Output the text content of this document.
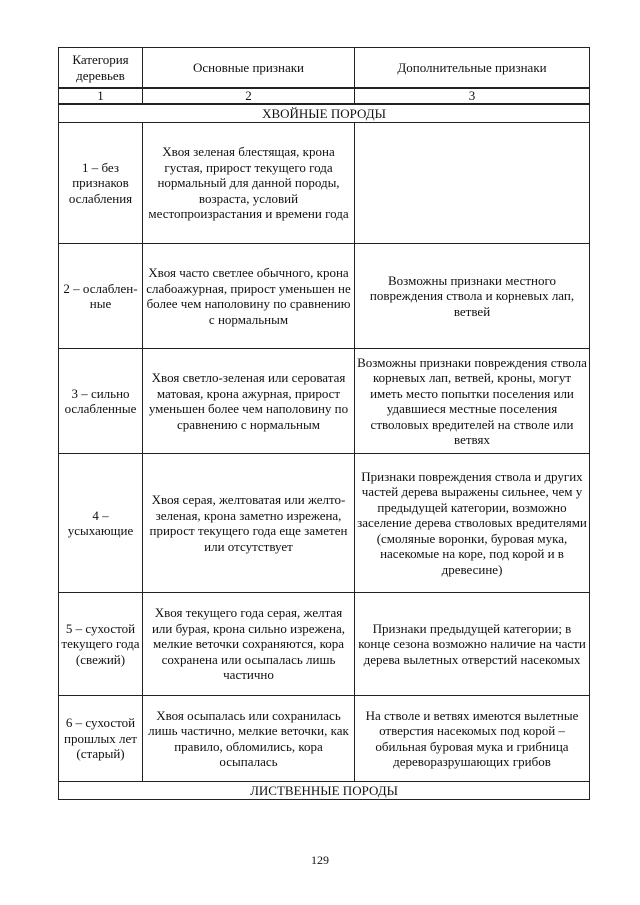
Категория деревьев	Основные признаки	Дополнительные признаки
1	2	3
ХВОЙНЫЕ ПОРОДЫ		
1 – без признаков ослабления	Хвоя зеленая блестящая, крона густая, прирост текущего года нормальный для данной породы, возраста, условий местопроизрастания и времени года	
2 – ослаблен-ные	Хвоя часто светлее обычного, крона слабоажурная, прирост уменьшен не более чем наполовину по сравнению с нормальным	Возможны признаки местного повреждения ствола и корневых лап, ветвей
3 – сильно ослабленные	Хвоя светло-зеленая или сероватая матовая, крона ажурная, прирост уменьшен более чем наполовину по сравнению с нормальным	Возможны признаки повреждения ствола корневых лап, ветвей, кроны, могут иметь место попытки поселения или удавшиеся местные поселения стволовых вредителей на стволе или ветвях
4 – усыхающие	Хвоя серая, желтоватая или желто-зеленая, крона заметно изрежена, прирост текущего года еще заметен или отсутствует	Признаки повреждения ствола и других частей дерева выражены сильнее, чем у предыдущей категории, возможно заселение дерева стволовых вредителями (смоляные воронки, буровая мука, насекомые на коре, под корой и в древесине)
5 – сухостой текущего года (свежий)	Хвоя текущего года серая, желтая или бурая, крона сильно изрежена, мелкие веточки сохраняются, кора сохранена или осыпалась лишь частично	Признаки предыдущей категории; в конце сезона возможно наличие на части дерева вылетных отверстий насекомых
6 – сухостой прошлых лет (старый)	Хвоя осыпалась или сохранилась лишь частично, мелкие веточки, как правило, обломились, кора осыпалась	На стволе и ветвях имеются вылетные отверстия насекомых под корой – обильная буровая мука и грибница дереворазрушающих грибов
ЛИСТВЕННЫЕ ПОРОДЫ		
129
